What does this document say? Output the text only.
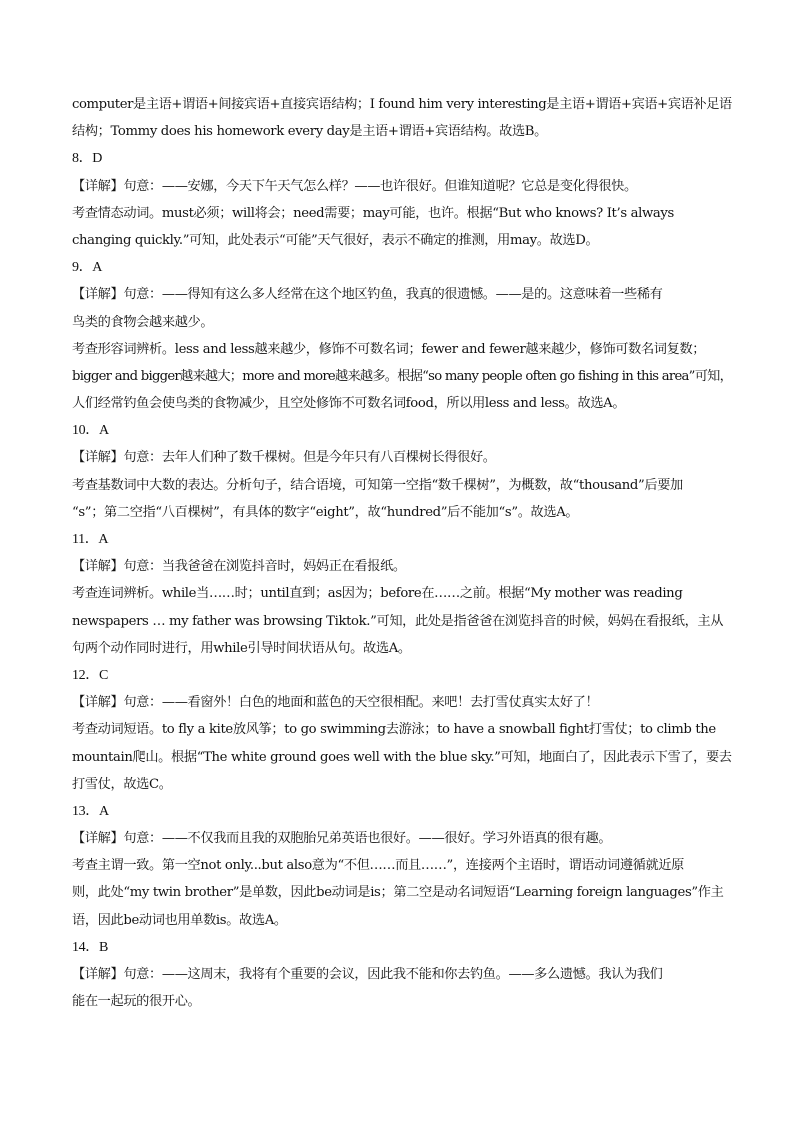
computer是主语+谓语+间接宾语+直接宾语结构；I found him very interesting是主语+谓语+宾语+宾语补足语
结构；Tommy does his homework every day是主语+谓语+宾语结构。故选B。
8．D
【详解】句意：——安娜，今天下午天气怎么样？——也许很好。但谁知道呢？它总是变化得很快。
考查情态动词。must必须；will将会；need需要；may可能，也许。根据“But who knows? It’s always
changing quickly.”可知，此处表示“可能”天气很好，表示不确定的推测，用may。故选D。
9．A
【详解】句意：——得知有这么多人经常在这个地区钓鱼，我真的很遗憾。——是的。这意味着一些稀有
鸟类的食物会越来越少。
考查形容词辨析。less and less越来越少，修饰不可数名词；fewer and fewer越来越少，修饰可数名词复数；
bigger and bigger越来越大；more and more越来越多。根据“so many people often go fishing in this area”可知，
人们经常钓鱼会使鸟类的食物减少，且空处修饰不可数名词food，所以用less and less。故选A。
10．A
【详解】句意：去年人们种了数千棵树。但是今年只有八百棵树长得很好。
考查基数词中大数的表达。分析句子，结合语境，可知第一空指“数千棵树”，为概数，故“thousand”后要加
“s”；第二空指“八百棵树”，有具体的数字“eight”，故“hundred”后不能加“s”。故选A。
11．A
【详解】句意：当我爸爸在浏览抖音时，妈妈正在看报纸。
考查连词辨析。while当……时；until直到；as因为；before在……之前。根据“My mother was reading
newspapers … my father was browsing Tiktok.”可知，此处是指爸爸在浏览抖音的时候，妈妈在看报纸，主从
句两个动作同时进行，用while引导时间状语从句。故选A。
12．C
【详解】句意：——看窗外！白色的地面和蓝色的天空很相配。来吧！去打雪仗真实太好了！
考查动词短语。to fly a kite放风筝；to go swimming去游泳；to have a snowball fight打雪仗；to climb the
mountain爬山。根据“The white ground goes well with the blue sky.”可知，地面白了，因此表示下雪了，要去
打雪仗，故选C。
13．A
【详解】句意：——不仅我而且我的双胞胎兄弟英语也很好。——很好。学习外语真的很有趣。
考查主谓一致。第一空not only...but also意为“不但……而且……”，连接两个主语时，谓语动词遵循就近原
则，此处“my twin brother”是单数，因此be动词是is；第二空是动名词短语“Learning foreign languages”作主
语，因此be动词也用单数is。故选A。
14．B
【详解】句意：——这周末，我将有个重要的会议，因此我不能和你去钓鱼。——多么遗憾。我认为我们
能在一起玩的很开心。
